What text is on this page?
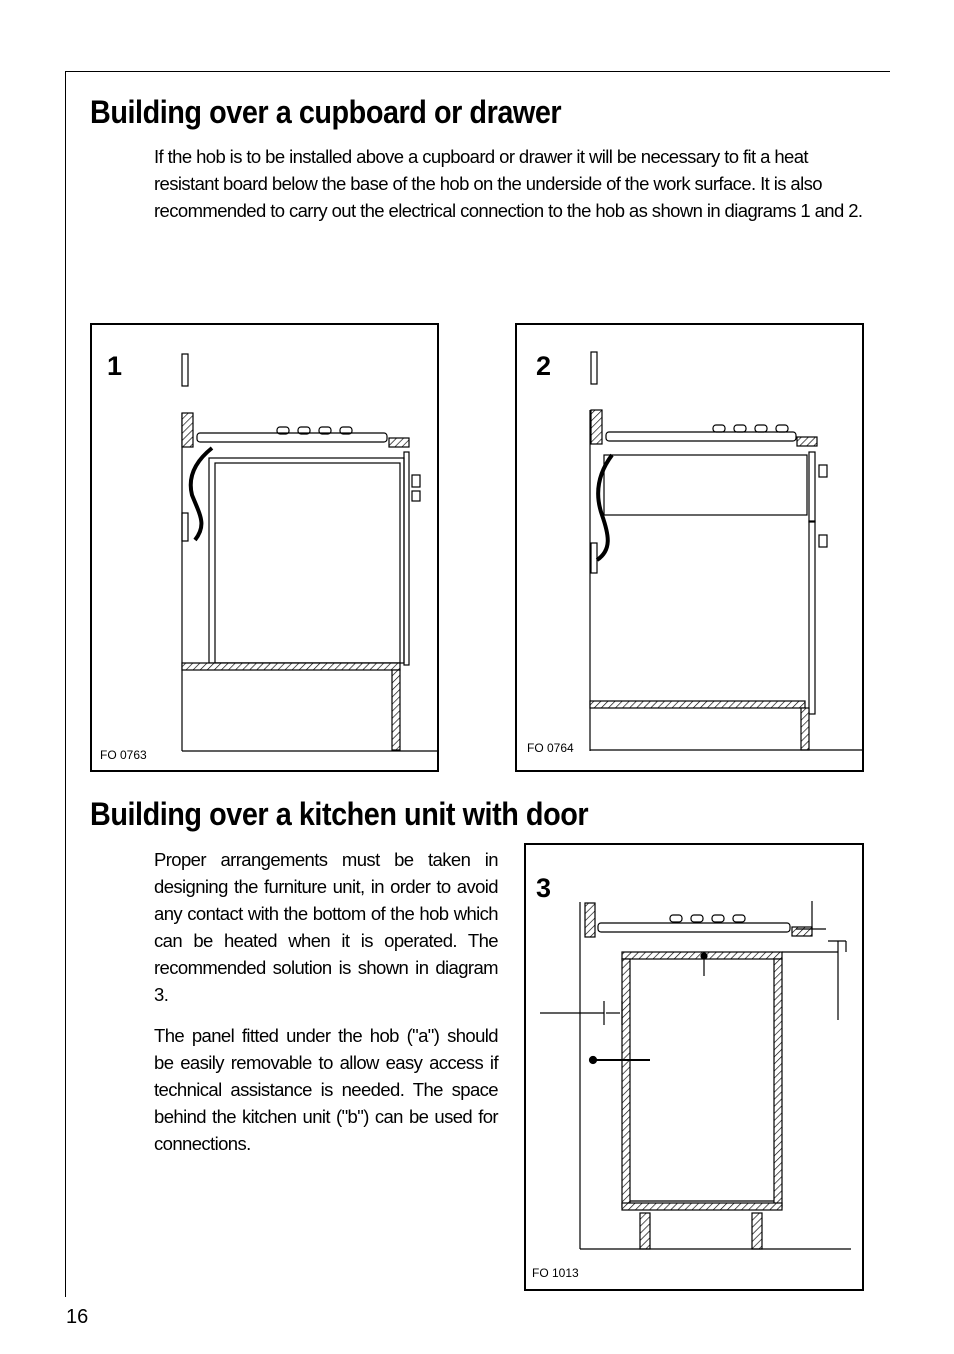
Building over a cupboard or drawer
If the hob is to be installed above a cupboard or drawer it will be necessary to fit a heat resistant board below the base of the hob on the underside of the work surface. It is also recommended to carry out the electrical connection to the hob as shown in diagrams 1 and 2.
1
FO 0763
2
FO 0764
Building over a kitchen unit with door
Proper arrangements must be taken in designing the furniture unit, in order to avoid any contact with the bottom of the hob which can be heated when it is operated. The recommended solution is shown in diagram 3.
The panel fitted under the hob ("a") should be easily removable to allow easy access if technical assistance is needed. The space behind the kitchen unit ("b") can be used for connections.
3
FO 1013
16
